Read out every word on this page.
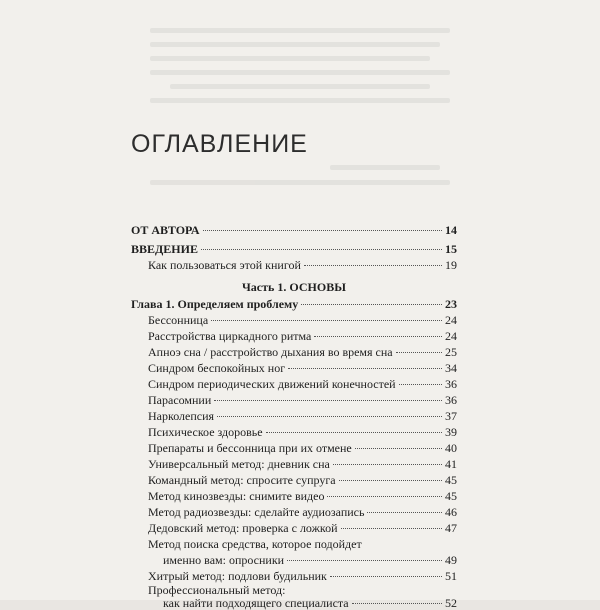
ОГЛАВЛЕНИЕ
ОТ АВТОРА	14
ВВЕДЕНИЕ	15
Как пользоваться этой книгой	19
Часть 1. ОСНОВЫ
Глава 1. Определяем проблему	23
Бессонница	24
Расстройства циркадного ритма	24
Апноэ сна / расстройство дыхания во время сна	25
Синдром беспокойных ног	34
Синдром периодических движений конечностей	36
Парасомнии	36
Нарколепсия	37
Психическое здоровье	39
Препараты и бессонница при их отмене	40
Универсальный метод: дневник сна	41
Командный метод: спросите супруга	45
Метод кинозвезды: снимите видео	45
Метод радиозвезды: сделайте аудиозапись	46
Дедовский метод: проверка с ложкой	47
Метод поиска средства, которое подойдет
именно вам: опросники	49
Хитрый метод: подлови будильник	51
Профессиональный метод:
как найти подходящего специалиста	52
